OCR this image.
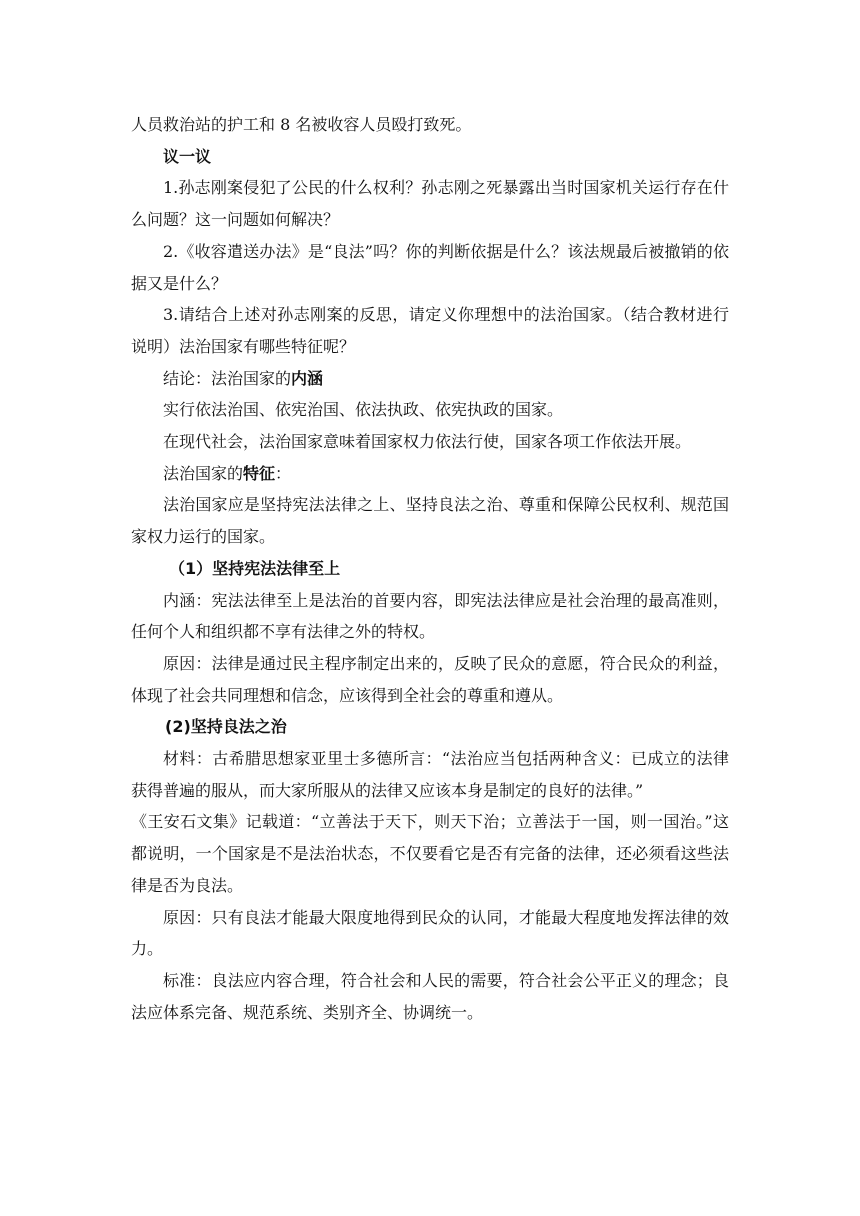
人员救治站的护工和 8 名被收容人员殴打致死。

议一议

1.孙志刚案侵犯了公民的什么权利？孙志刚之死暴露出当时国家机关运行存在什么问题？这一问题如何解决？

2.《收容遣送办法》是“良法”吗？你的判断依据是什么？该法规最后被撤销的依据又是什么？

3.请结合上述对孙志刚案的反思，请定义你理想中的法治国家。（结合教材进行说明）法治国家有哪些特征呢？

结论：法治国家的内涵

实行依法治国、依宪治国、依法执政、依宪执政的国家。

在现代社会，法治国家意味着国家权力依法行使，国家各项工作依法开展。

法治国家的特征：

法治国家应是坚持宪法法律之上、坚持良法之治、尊重和保障公民权利、规范国家权力运行的国家。

（1）坚持宪法法律至上

内涵：宪法法律至上是法治的首要内容，即宪法法律应是社会治理的最高准则，任何个人和组织都不享有法律之外的特权。

原因：法律是通过民主程序制定出来的，反映了民众的意愿，符合民众的利益，体现了社会共同理想和信念，应该得到全社会的尊重和遵从。

(2)坚持良法之治

材料：古希腊思想家亚里士多德所言：“法治应当包括两种含义：已成立的法律获得普遍的服从，而大家所服从的法律又应该本身是制定的良好的法律。”

《王安石文集》记载道：“立善法于天下，则天下治；立善法于一国，则一国治。”这都说明，一个国家是不是法治状态，不仅要看它是否有完备的法律，还必须看这些法律是否为良法。

原因：只有良法才能最大限度地得到民众的认同，才能最大程度地发挥法律的效力。

标准：良法应内容合理，符合社会和人民的需要，符合社会公平正义的理念；良法应体系完备、规范系统、类别齐全、协调统一。
